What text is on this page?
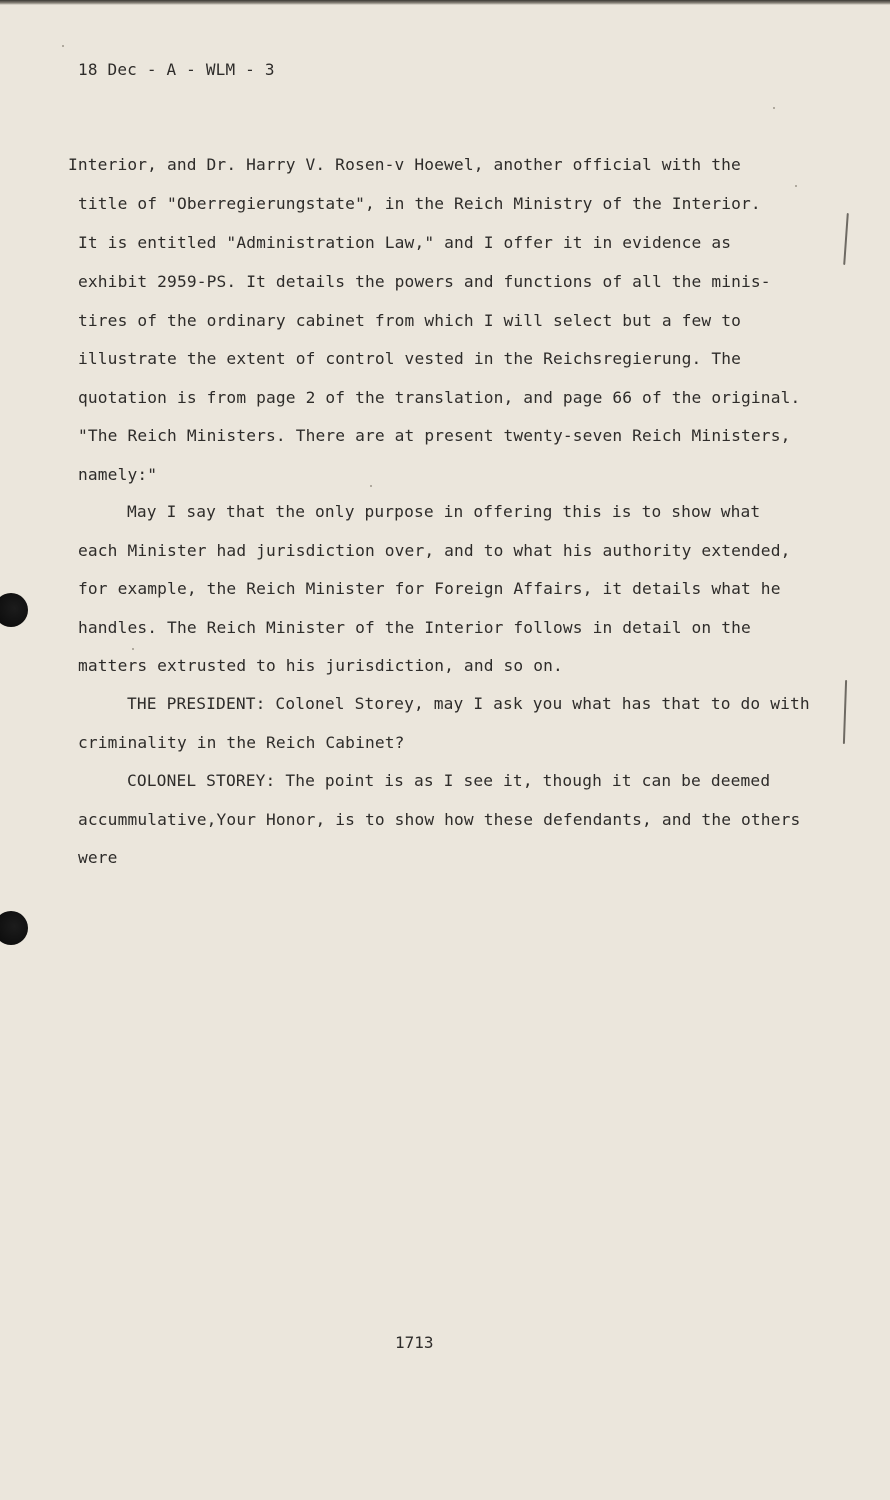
18 Dec - A - WLM - 3
Interior, and Dr. Harry V. Rosen-v Hoewel, another official with the
title of "Oberregierungstate", in the Reich Ministry of the Interior.
It is entitled "Administration Law," and I offer it in evidence as
exhibit 2959-PS. It details the powers and functions of all the minis-
tires of the ordinary cabinet from which I will select but a few to
illustrate the extent of control vested in the Reichsregierung. The
quotation is from page 2 of the translation, and page 66 of the original.
"The Reich Ministers. There are at present twenty-seven Reich Ministers,
namely:"
May I say that the only purpose in offering this is to show what
each Minister had jurisdiction over, and to what his authority extended,
for example, the Reich Minister for Foreign Affairs, it details what he
handles. The Reich Minister of the Interior follows in detail on the
matters extrusted to his jurisdiction, and so on.
THE PRESIDENT: Colonel Storey, may I ask you what has that to do with
criminality in the Reich Cabinet?
COLONEL STOREY: The point is as I see it, though it can be deemed
accummulative,Your Honor, is to show how these defendants, and the others
were
1713
